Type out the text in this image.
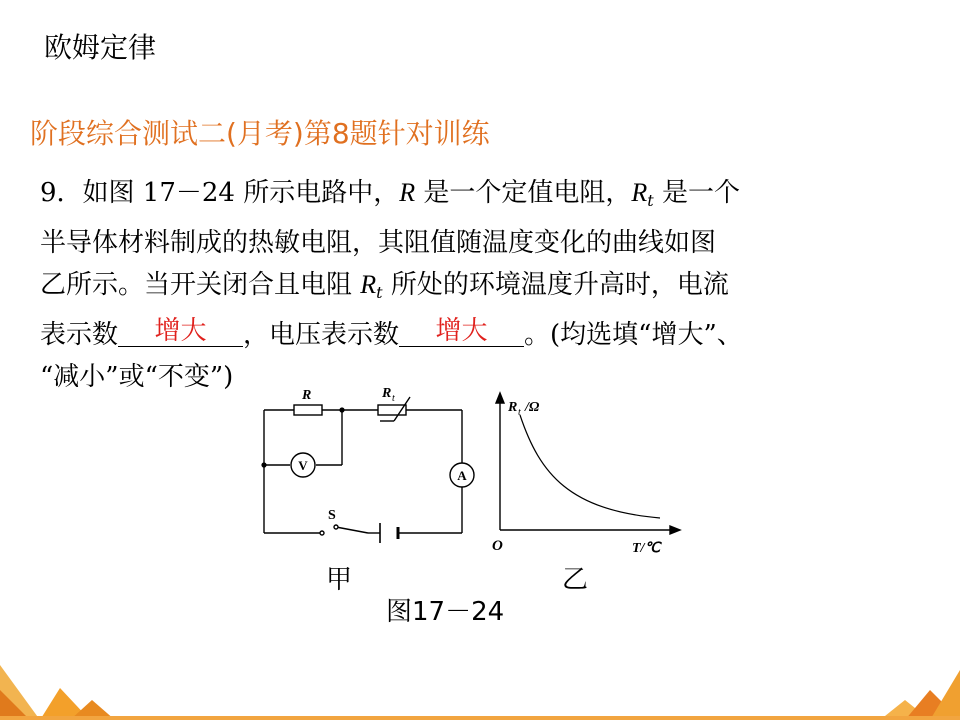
欧姆定律
阶段综合测试二(月考)第8题针对训练
9．如图 17－24 所示电路中，R 是一个定值电阻，$R_t$ 是一个
半导体材料制成的热敏电阻，其阻值随温度变化的曲线如图
乙所示。当开关闭合且电阻 $R_t$ 所处的环境温度升高时，电流
表示数	增大	，电压表示数	增大	。(均选填“增大”、
“减小”或“不变”)
V
A
R	R t
S
R t /Ω
T/℃
O
甲	乙
图17－24
